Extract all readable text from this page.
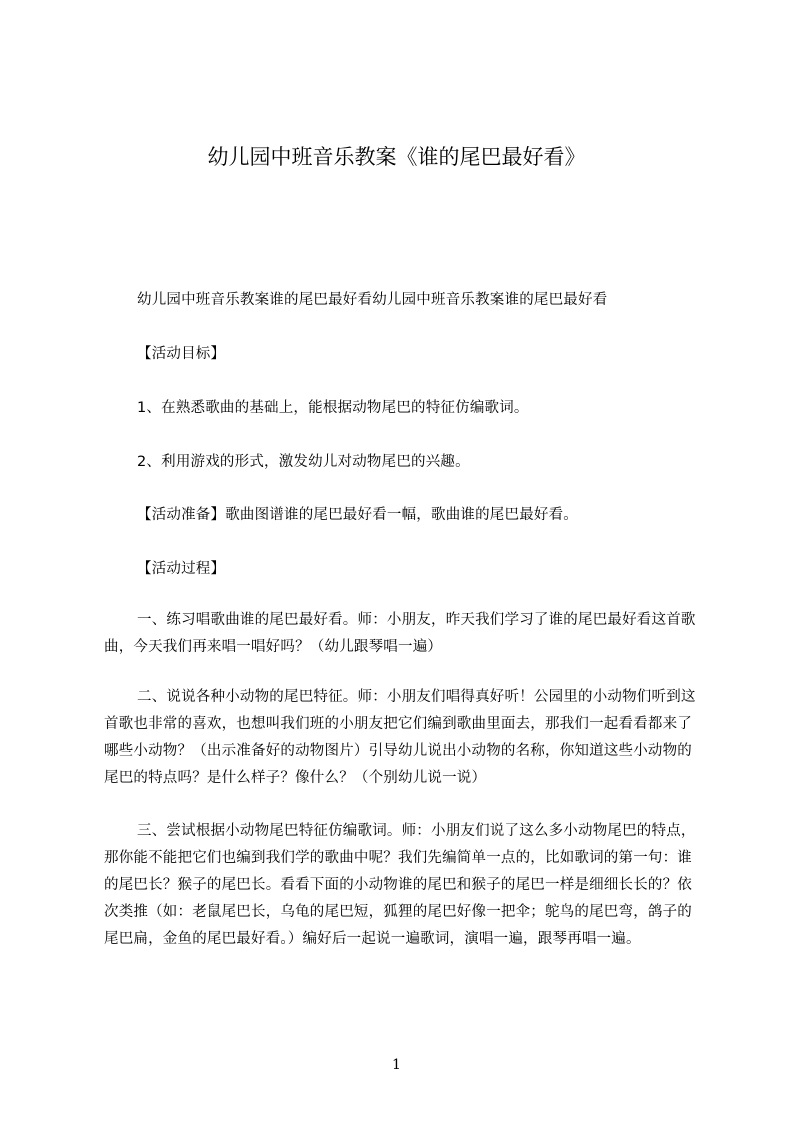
幼儿园中班音乐教案《谁的尾巴最好看》

幼儿园中班音乐教案谁的尾巴最好看幼儿园中班音乐教案谁的尾巴最好看

【活动目标】

1、在熟悉歌曲的基础上，能根据动物尾巴的特征仿编歌词。

2、利用游戏的形式，激发幼儿对动物尾巴的兴趣。

【活动准备】歌曲图谱谁的尾巴最好看一幅，歌曲谁的尾巴最好看。

【活动过程】

一、练习唱歌曲谁的尾巴最好看。师：小朋友，昨天我们学习了谁的尾巴最好看这首歌曲，今天我们再来唱一唱好吗？（幼儿跟琴唱一遍）

二、说说各种小动物的尾巴特征。师：小朋友们唱得真好听！公园里的小动物们听到这首歌也非常的喜欢，也想叫我们班的小朋友把它们编到歌曲里面去，那我们一起看看都来了哪些小动物？（出示准备好的动物图片）引导幼儿说出小动物的名称，你知道这些小动物的尾巴的特点吗？是什么样子？像什么？（个别幼儿说一说）

三、尝试根据小动物尾巴特征仿编歌词。师：小朋友们说了这么多小动物尾巴的特点，那你能不能把它们也编到我们学的歌曲中呢？我们先编简单一点的，比如歌词的第一句：谁的尾巴长？猴子的尾巴长。看看下面的小动物谁的尾巴和猴子的尾巴一样是细细长长的？依次类推（如：老鼠尾巴长，乌龟的尾巴短，狐狸的尾巴好像一把伞；鸵鸟的尾巴弯，鸽子的尾巴扁，金鱼的尾巴最好看。）编好后一起说一遍歌词，演唱一遍，跟琴再唱一遍。

1
